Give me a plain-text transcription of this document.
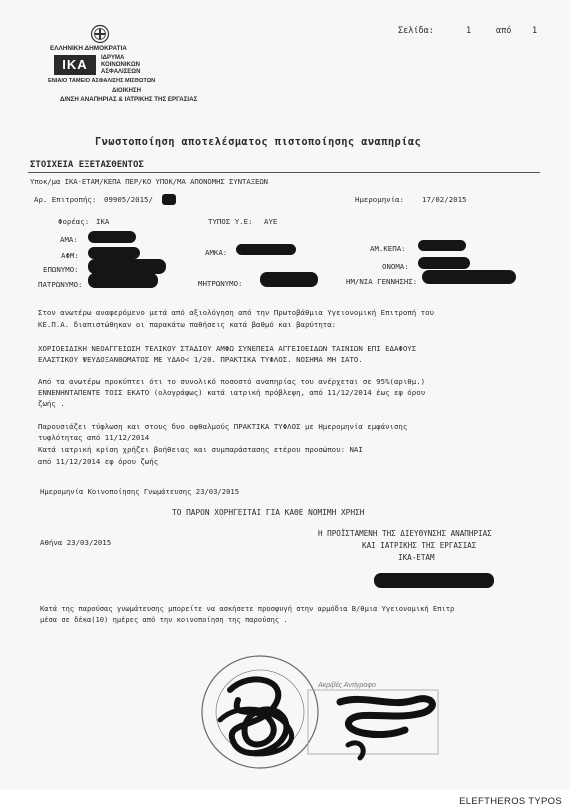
Σελίδα:	1	από 1
ΕΛΛΗΝΙΚΗ ΔΗΜΟΚΡΑΤΙΑ
ΙΚΑ	ΙΔΡΥΜΑ
ΚΟΙΝΩΝΙΚΩΝ
ΑΣΦΑΛΙΣΕΩΝ
ΕΝΙΑΙΟ ΤΑΜΕΙΟ ΑΣΦΑΛΙΣΗΣ ΜΙΣΘΩΤΩΝ
ΔΙΟΙΚΗΣΗ
Δ/ΝΣΗ ΑΝΑΠΗΡΙΑΣ & ΙΑΤΡΙΚΗΣ ΤΗΣ ΕΡΓΑΣΙΑΣ
Γνωστοποίηση αποτελέσματος πιστοποίησης αναπηρίας
ΣΤΟΙΧΕΙΑ ΕΞΕΤΑΣΘΕΝΤΟΣ
Υποκ/μα ΙΚΑ-ΕΤΑΜ/ΚΕΠΑ ΠΕΡ/ΚΟ ΥΠΟΚ/ΜΑ ΑΠΟΝΟΜΗΣ ΣΥΝΤΑΞΕΩΝ
Αρ. Επιτροπής: 09905/2015/	Ημερομηνία: 17/02/2015
Φορέας: ΙΚΑ	ΤΥΠΟΣ Υ.Ε: ΑΥΕ
ΑΜΑ:
ΑΦΜ:	ΑΜΚΑ:	ΑΜ.ΚΕΠΑ:
ΕΠΩΝΥΜΟ:	ΟΝΟΜΑ:
ΠΑΤΡΩΝΥΜΟ:	ΜΗΤΡΩΝΥΜΟ:	ΗΜ/ΝΙΑ ΓΕΝΝΗΣΗΣ:
Στον ανωτέρω αναφερόμενο μετά από αξιολόγηση από την Πρωτοβάθμια Υγειονομική Επιτροπή του
ΚΕ.Π.Α. διαπιστώθηκαν οι παρακάτω παθήσεις κατά βαθμό και βαρύτητα:
ΧΟΡΙΟΕΙΔΙΚΗ ΝΕΟΑΓΓΕΙΩΣΗ ΤΕΛΙΚΟΥ ΣΤΑΔΙΟΥ ΑΜΦΩ ΣΥΝΕΠΕΙΑ ΑΓΓΕΙΟΕΙΔΩΝ ΤΑΙΝΙΩΝ ΕΠΙ ΕΔΑΦΟΥΣ
ΕΛΑΣΤΙΚΟΥ ΨΕΥΔΟΞΑΝΘΩΜΑΤΟΣ ΜΕ ΥΔΑΟ< 1/20. ΠΡΑΚΤΙΚΑ ΤΥΦΛΟΣ. ΝΟΣΗΜΑ ΜΗ ΙΑΤΟ.
Από τα ανωτέρω προκύπτει ότι το συνολικό ποσοστό αναπηρίας του ανέρχεται σε 95%(αριθμ.)
ΕΝΝΕΝΗΝΤΑΠΕΝΤΕ ΤΟΙΣ ΕΚΑΤΟ (ολογράφως) κατά ιατρική πρόβλεψη, από 11/12/2014 έως εφ όρου
ζωής .
Παρουσιάζει τύφλωση και στους δυο οφθαλμούς ΠΡΑΚΤΙΚΑ ΤΥΦΛΟΣ με Ημερομηνία εμφάνισης
τυφλότητας από 11/12/2014
Κατά ιατρική κρίση χρήζει βοήθειας και συμπαράστασης ετέρου προσώπου: ΝΑΙ
από 11/12/2014 εφ όρου ζωής
Ημερομηνία Κοινοποίησης Γνωμάτευσης 23/03/2015
ΤΟ ΠΑΡΟΝ ΧΟΡΗΓΕΙΤΑΙ ΓΙΑ ΚΑΘΕ ΝΟΜΙΜΗ ΧΡΗΣΗ
Αθήνα 23/03/2015
Η ΠΡΟΪΣΤΑΜΕΝΗ ΤΗΣ ΔΙΕΥΘΥΝΣΗΣ ΑΝΑΠΗΡΙΑΣ
ΚΑΙ ΙΑΤΡΙΚΗΣ ΤΗΣ ΕΡΓΑΣΙΑΣ
ΙΚΑ-ΕΤΑΜ
Κατά της παρούσας γνωμάτευσης μπορείτε να ασκήσετε προσφυγή στην αρμόδια Β/θμια Υγειονομική Επιτρ
μέσα σε δέκα(10) ημέρες από την κοινοποίηση της παρούσης .
Ακριβές Αντίγραφο
ELEFTHEROS TYPOS
